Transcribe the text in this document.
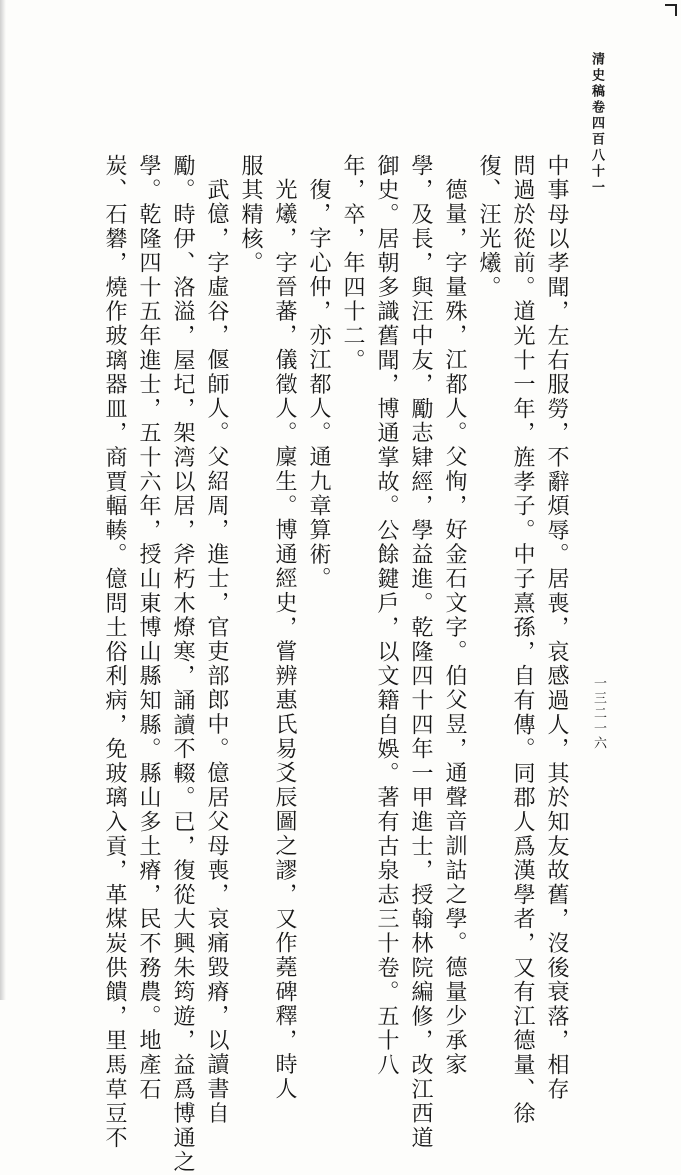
清史稿卷四百八十一
一三二一六
中事母以孝聞，左右服勞，不辭煩辱。居喪，哀感過人，其於知友故舊，沒後衰落，相存
問過於從前。道光十一年，旌孝子。中子熹孫，自有傳。同郡人爲漢學者，又有江德量、徐
復、汪光爔。
德量，字量殊，江都人。父恂，好金石文字。伯父昱，通聲音訓詁之學。德量少承家
學，及長，與汪中友，勵志肄經，學益進。乾隆四十四年一甲進士，授翰林院編修，改江西道
御史。居朝多識舊聞，博通掌故。公餘鍵戶，以文籍自娛。著有古泉志三十卷。五十八
年，卒，年四十二。
復，字心仲，亦江都人。通九章算術。
光爔，字晉蕃，儀徵人。廩生。博通經史，嘗辨惠氏易爻辰圖之謬，又作蕘碑釋，時人
服其精核。
武億，字虛谷，偃師人。父紹周，進士，官吏部郎中。億居父母喪，哀痛毀瘠，以讀書自
勵。時伊、洛溢，屋圮，架湾以居，斧朽木燎寒，誦讀不輟。已，復從大興朱筠遊，益爲博通之
學。乾隆四十五年進士，五十六年，授山東博山縣知縣。縣山多土瘠，民不務農。地產石
炭、石礬，燒作玻璃器皿，商賈輻輳。億問土俗利病，免玻璃入貢，革煤炭供饋，里馬草豆不
